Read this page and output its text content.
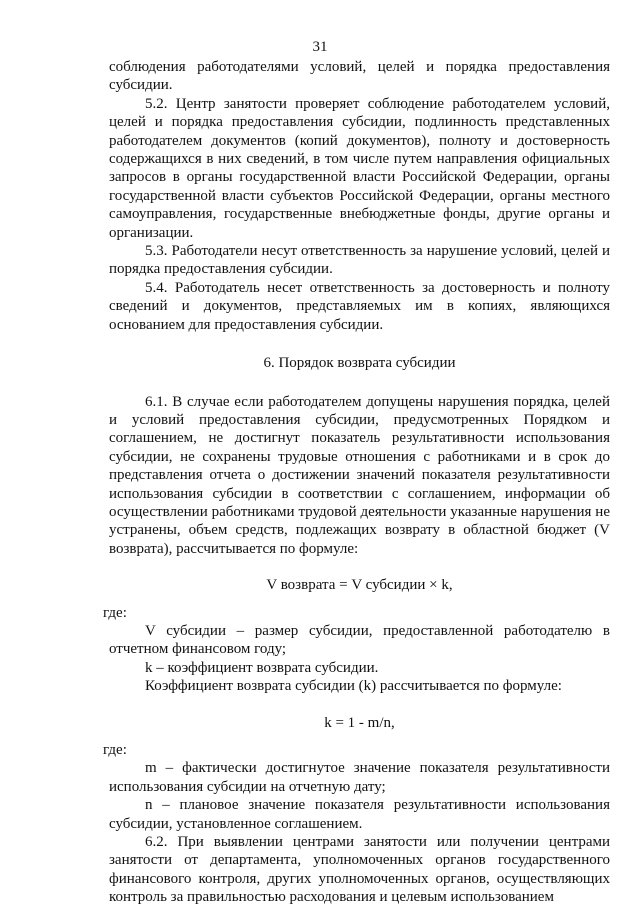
31

соблюдения работодателями условий, целей и порядка предоставления субсидии.

5.2. Центр занятости проверяет соблюдение работодателем условий, целей и порядка предоставления субсидии, подлинность представленных работодателем документов (копий документов), полноту и достоверность содержащихся в них сведений, в том числе путем направления официальных запросов в органы государственной власти Российской Федерации, органы государственной власти субъектов Российской Федерации, органы местного самоуправления, государственные внебюджетные фонды, другие органы и организации.

5.3. Работодатели несут ответственность за нарушение условий, целей и порядка предоставления субсидии.

5.4. Работодатель несет ответственность за достоверность и полноту сведений и документов, представляемых им в копиях, являющихся основанием для предоставления субсидии.

6. Порядок возврата субсидии

6.1. В случае если работодателем допущены нарушения порядка, целей и условий предоставления субсидии, предусмотренных Порядком и соглашением, не достигнут показатель результативности использования субсидии, не сохранены трудовые отношения с работниками и в срок до представления отчета о достижении значений показателя результативности использования субсидии в соответствии с соглашением, информации об осуществлении работниками трудовой деятельности указанные нарушения не устранены, объем средств, подлежащих возврату в областной бюджет (V возврата), рассчитывается по формуле:

V возврата = V субсидии × k,

где:

V субсидии – размер субсидии, предоставленной работодателю в отчетном финансовом году;

k – коэффициент возврата субсидии.

Коэффициент возврата субсидии (k) рассчитывается по формуле:

k = 1 - m/n,

где:

m – фактически достигнутое значение показателя результативности использования субсидии на отчетную дату;

n – плановое значение показателя результативности использования субсидии, установленное соглашением.

6.2. При выявлении центрами занятости или получении центрами занятости от департамента, уполномоченных органов государственного финансового контроля, других уполномоченных органов, осуществляющих контроль за правильностью расходования и целевым использованием
